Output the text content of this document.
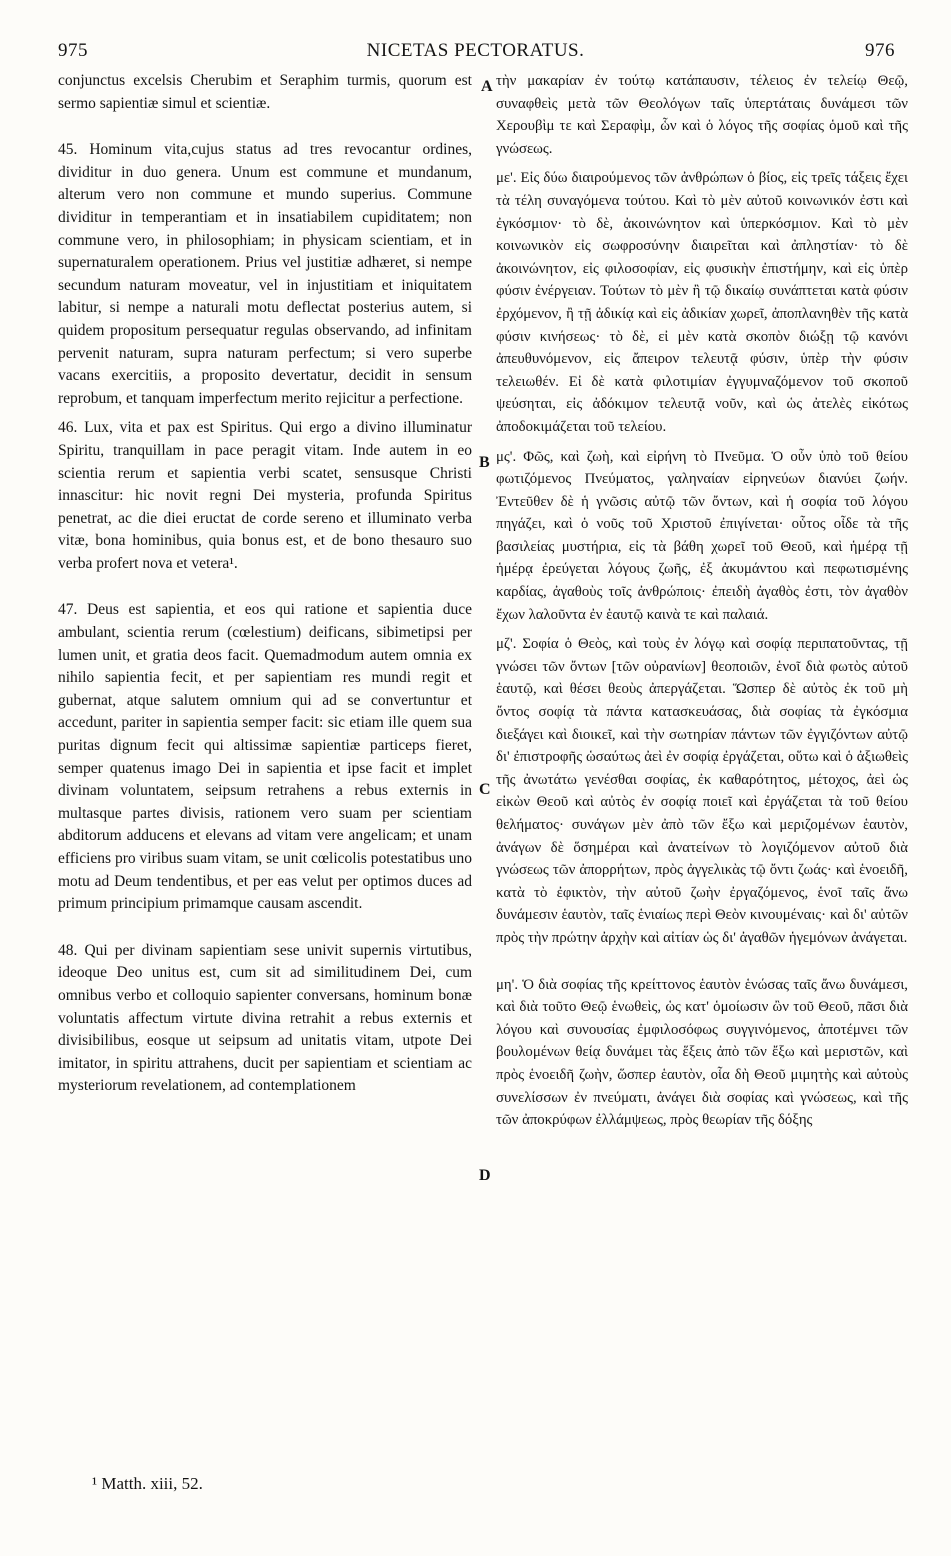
975	NICETAS PECTORATUS.	976

conjunctus excelsis Cherubim et Seraphim turmis, quorum est sermo sapientiæ simul et scientiæ.

45. Hominum vita,cujus status ad tres revocantur ordines, dividitur in duo genera. Unum est commune et mundanum, alterum vero non commune et mundo superius. Commune dividitur in temperantiam et in insatiabilem cupiditatem; non commune vero, in philosophiam; in physicam scientiam, et in supernaturalem operationem. Prius vel justitiæ adhæret, si nempe secundum naturam moveatur, vel in injustitiam et iniquitatem labitur, si nempe a naturali motu deflectat posterius autem, si quidem propositum persequatur regulas observando, ad infinitam pervenit naturam, supra naturam perfectum; si vero superbe vacans exercitiis, a proposito devertatur, decidit in sensum reprobum, et tanquam imperfectum merito rejicitur a perfectione.

46. Lux, vita et pax est Spiritus. Qui ergo a divino illuminatur Spiritu, tranquillam in pace peragit vitam. Inde autem in eo scientia rerum et sapientia verbi scatet, sensusque Christi innascitur: hic novit regni Dei mysteria, profunda Spiritus penetrat, ac die diei eructat de corde sereno et illuminato verba vitæ, bona hominibus, quia bonus est, et de bono thesauro suo verba profert nova et vetera¹.

47. Deus est sapientia, et eos qui ratione et sapientia duce ambulant, scientia rerum (cœlestium) deificans, sibimetipsi per lumen unit, et gratia deos facit. Quemadmodum autem omnia ex nihilo sapientia fecit, et per sapientiam res mundi regit et gubernat, atque salutem omnium qui ad se convertuntur et accedunt, pariter in sapientia semper facit: sic etiam ille quem sua puritas dignum fecit qui altissimæ sapientiæ particeps fieret, semper quatenus imago Dei in sapientia et ipse facit et implet divinam voluntatem, seipsum retrahens a rebus externis in multasque partes divisis, rationem vero suam per scientiam abditorum adducens et elevans ad vitam vere angelicam; et unam efficiens pro viribus suam vitam, se unit cœlicolis potestatibus uno motu ad Deum tendentibus, et per eas velut per optimos duces ad primum principium primamque causam ascendit.

48. Qui per divinam sapientiam sese univit supernis virtutibus, ideoque Deo unitus est, cum sit ad similitudinem Dei, cum omnibus verbo et colloquio sapienter conversans, hominum bonæ voluntatis affectum virtute divina retrahit a rebus externis et divisibilibus, eosque ut seipsum ad unitatis vitam, utpote Dei imitator, in spiritu attrahens, ducit per sapientiam et scientiam ac mysteriorum revelationem, ad contemplationem

A
B
C
D

τὴν μακαρίαν ἐν τούτῳ κατάπαυσιν, τέλειος ἐν τελείῳ Θεῷ, συναφθεὶς μετὰ τῶν Θεολόγων ταῖς ὑπερτάταις δυνάμεσι τῶν Χερουβὶμ τε καὶ Σεραφὶμ, ὧν καὶ ὁ λόγος τῆς σοφίας ὁμοῦ καὶ τῆς γνώσεως.

με'. Εἰς δύω διαιρούμενος τῶν ἀνθρώπων ὁ βίος, εἰς τρεῖς τάξεις ἔχει τὰ τέλη συναγόμενα τούτου. Καὶ τὸ μὲν αὐτοῦ κοινωνικόν ἐστι καὶ ἐγκόσμιον· τὸ δὲ, ἀκοινώνητον καὶ ὑπερκόσμιον. Καὶ τὸ μὲν κοινωνικὸν εἰς σωφροσύνην διαιρεῖται καὶ ἀπληστίαν· τὸ δὲ ἀκοινώνητον, εἰς φιλοσοφίαν, εἰς φυσικὴν ἐπιστήμην, καὶ εἰς ὑπὲρ φύσιν ἐνέργειαν. Τούτων τὸ μὲν ἢ τῷ δικαίῳ συνάπτεται κατὰ φύσιν ἐρχόμενον, ἢ τῇ ἀδικίᾳ καὶ εἰς ἀδικίαν χωρεῖ, ἀποπλανηθὲν τῆς κατὰ φύσιν κινήσεως· τὸ δὲ, εἰ μὲν κατὰ σκοπὸν διώξῃ τῷ κανόνι ἀπευθυνόμενον, εἰς ἄπειρον τελευτᾷ φύσιν, ὑπὲρ τὴν φύσιν τελειωθέν. Εἰ δὲ κατὰ φιλοτιμίαν ἐγγυμναζόμενον τοῦ σκοποῦ ψεύσηται, εἰς ἀδόκιμον τελευτᾷ νοῦν, καὶ ὡς ἀτελὲς εἰκότως ἀποδοκιμάζεται τοῦ τελείου.

μς'. Φῶς, καὶ ζωὴ, καὶ εἰρήνη τὸ Πνεῦμα. Ὁ οὖν ὑπὸ τοῦ θείου φωτιζόμενος Πνεύματος, γαληναίαν εἰρηνεύων διανύει ζωήν. Ἐντεῦθεν δὲ ἡ γνῶσις αὐτῷ τῶν ὄντων, καὶ ἡ σοφία τοῦ λόγου πηγάζει, καὶ ὁ νοῦς τοῦ Χριστοῦ ἐπιγίνεται· οὗτος οἶδε τὰ τῆς βασιλείας μυστήρια, εἰς τὰ βάθη χωρεῖ τοῦ Θεοῦ, καὶ ἡμέρᾳ τῇ ἡμέρᾳ ἐρεύγεται λόγους ζωῆς, ἐξ ἀκυμάντου καὶ πεφωτισμένης καρδίας, ἀγαθοὺς τοῖς ἀνθρώποις· ἐπειδὴ ἀγαθὸς ἐστι, τὸν ἀγαθὸν ἔχων λαλοῦντα ἐν ἑαυτῷ καινὰ τε καὶ παλαιά.

μζ'. Σοφία ὁ Θεὸς, καὶ τοὺς ἐν λόγῳ καὶ σοφίᾳ περιπατοῦντας, τῇ γνώσει τῶν ὄντων [τῶν οὐρανίων] θεοποιῶν, ἑνοῖ διὰ φωτὸς αὐτοῦ ἑαυτῷ, καὶ θέσει θεοὺς ἀπεργάζεται. Ὥσπερ δὲ αὐτὸς ἐκ τοῦ μὴ ὄντος σοφίᾳ τὰ πάντα κατασκευάσας, διὰ σοφίας τὰ ἐγκόσμια διεξάγει καὶ διοικεῖ, καὶ τὴν σωτηρίαν πάντων τῶν ἐγγιζόντων αὐτῷ δι' ἐπιστροφῆς ὡσαύτως ἀεὶ ἐν σοφίᾳ ἐργάζεται, οὕτω καὶ ὁ ἀξιωθεὶς τῆς ἀνωτάτω γενέσθαι σοφίας, ἐκ καθαρότητος, μέτοχος, ἀεὶ ὡς εἰκὼν Θεοῦ καὶ αὐτὸς ἐν σοφίᾳ ποιεῖ καὶ ἐργάζεται τὰ τοῦ θείου θελήματος· συνάγων μὲν ἀπὸ τῶν ἔξω καὶ μεριζομένων ἑαυτὸν, ἀνάγων δὲ ὅσημέραι καὶ ἀνατείνων τὸ λογιζόμενον αὐτοῦ διὰ γνώσεως τῶν ἀπορρήτων, πρὸς ἀγγελικὰς τῷ ὄντι ζωάς· καὶ ἑνοειδῆ, κατὰ τὸ ἐφικτὸν, τὴν αὐτοῦ ζωὴν ἐργαζόμενος, ἑνοῖ ταῖς ἄνω δυνάμεσιν ἑαυτὸν, ταῖς ἑνιαίως περὶ Θεὸν κινουμέναις· καὶ δι' αὐτῶν πρὸς τὴν πρώτην ἀρχὴν καὶ αἰτίαν ὡς δι' ἀγαθῶν ἡγεμόνων ἀνάγεται.

μη'. Ὁ διὰ σοφίας τῆς κρείττονος ἑαυτὸν ἑνώσας ταῖς ἄνω δυνάμεσι, καὶ διὰ τοῦτο Θεῷ ἑνωθεὶς, ὡς κατ' ὁμοίωσιν ὢν τοῦ Θεοῦ, πᾶσι διὰ λόγου καὶ συνουσίας ἐμφιλοσόφως συγγινόμενος, ἀποτέμνει τῶν βουλομένων θείᾳ δυνάμει τὰς ἕξεις ἀπὸ τῶν ἔξω καὶ μεριστῶν, καὶ πρὸς ἑνοειδῆ ζωὴν, ὥσπερ ἑαυτὸν, οἷα δὴ Θεοῦ μιμητὴς καὶ αὐτοὺς συνελίσσων ἐν πνεύματι, ἀνάγει διὰ σοφίας καὶ γνώσεως, καὶ τῆς τῶν ἀποκρύφων ἐλλάμψεως, πρὸς θεωρίαν τῆς δόξης

¹ Matth. xiii, 52.
